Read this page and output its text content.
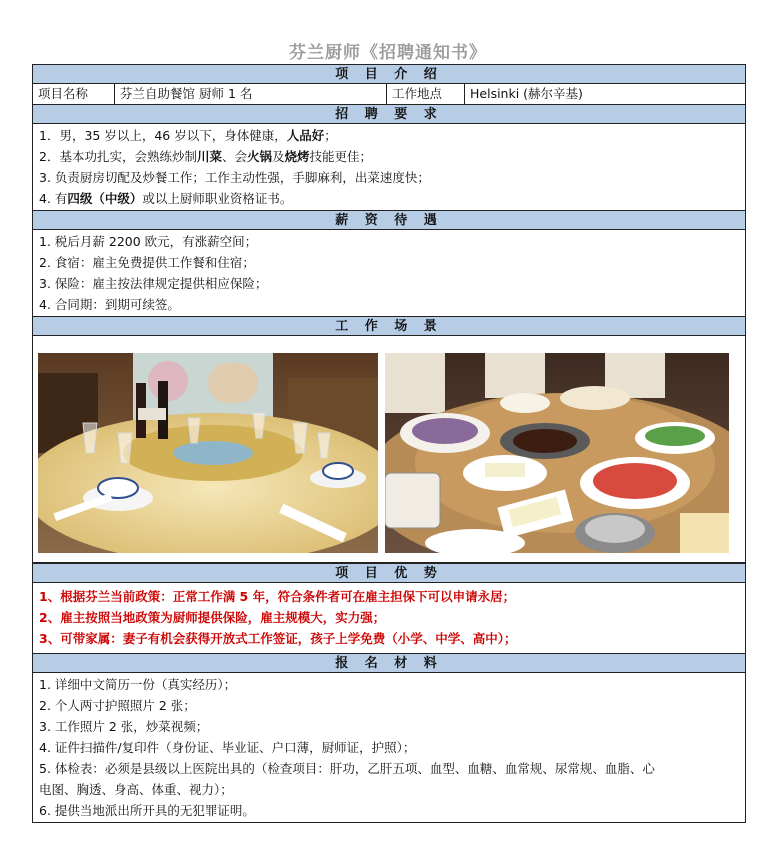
芬兰厨师《招聘通知书》
项 目 介 绍
项目名称	芬兰自助餐馆 厨师 1 名	工作地点	Helsinki (赫尔辛基)
招 聘 要 求
1．男，35 岁以上，46 岁以下，身体健康，人品好；
2．基本功扎实，会熟练炒制川菜、会火锅及烧烤技能更佳；
3. 负责厨房切配及炒餐工作；工作主动性强，手脚麻利，出菜速度快；
4. 有四级（中级）或以上厨师职业资格证书。
薪 资 待 遇
1. 税后月薪 2200 欧元，有涨薪空间；
2. 食宿：雇主免费提供工作餐和住宿；
3. 保险：雇主按法律规定提供相应保险；
4. 合同期：到期可续签。
工 作 场 景
项 目 优 势
1、根据芬兰当前政策：正常工作满 5 年，符合条件者可在雇主担保下可以申请永居；
2、雇主按照当地政策为厨师提供保险，雇主规模大，实力强；
3、可带家属：妻子有机会获得开放式工作签证，孩子上学免费（小学、中学、高中）；
报 名 材 料
1. 详细中文简历一份（真实经历）；
2. 个人两寸护照照片 2 张；
3. 工作照片 2 张，炒菜视频；
4. 证件扫描件/复印件（身份证、毕业证、户口薄，厨师证，护照）；
5. 体检表：必须是县级以上医院出具的（检查项目：肝功，乙肝五项、血型、血糖、血常规、尿常规、血脂、心
电图、胸透、身高、体重、视力）；
6. 提供当地派出所开具的无犯罪证明。
